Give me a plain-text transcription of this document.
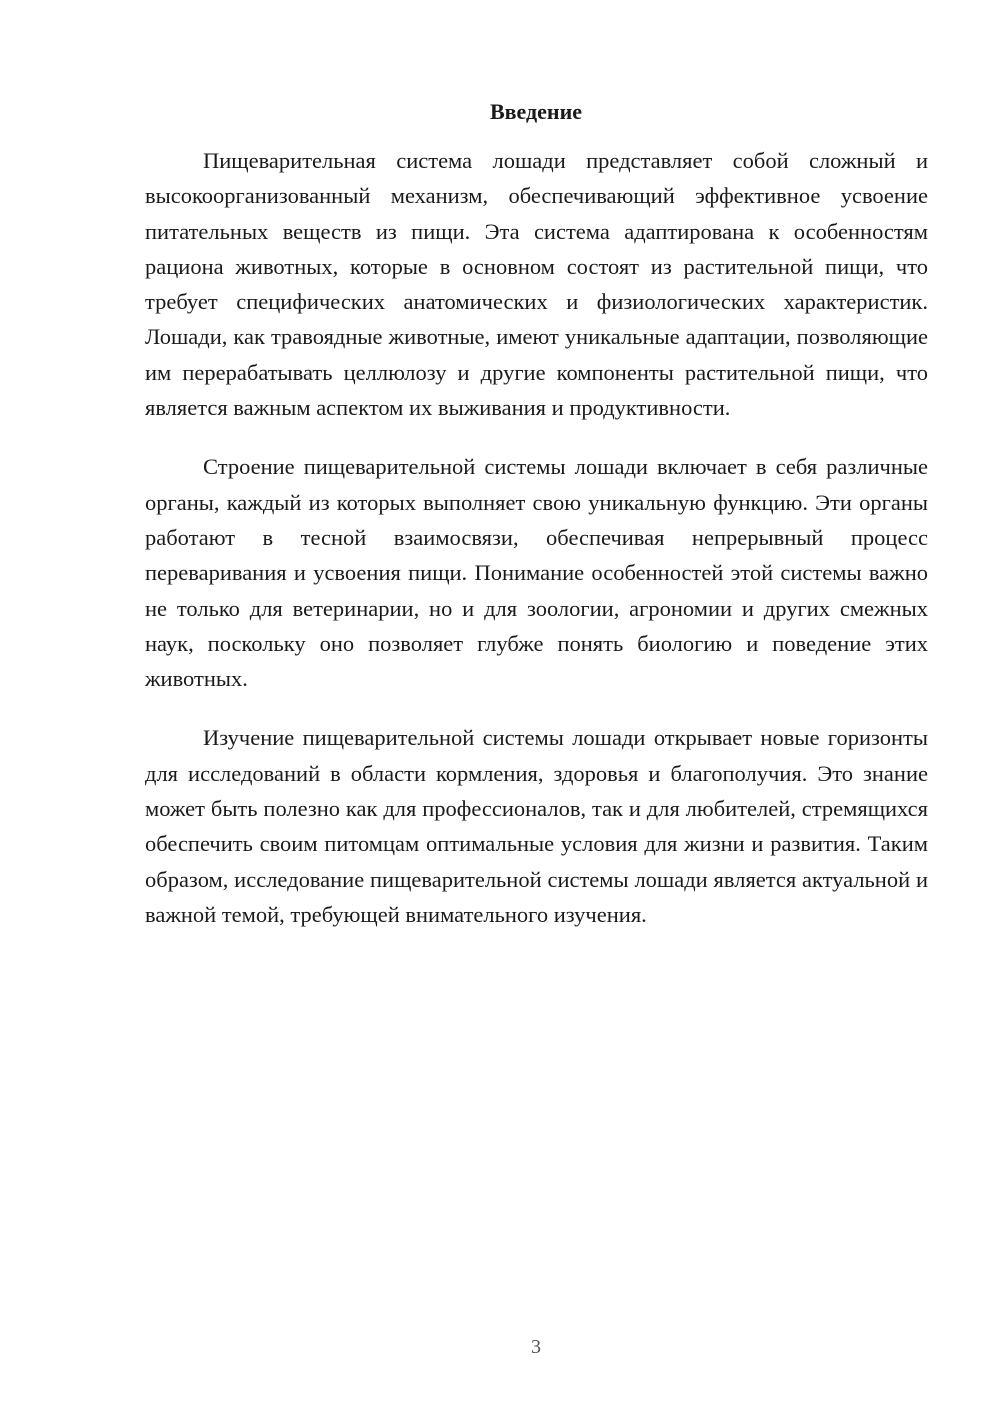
Введение

Пищеварительная система лошади представляет собой сложный и высокоорганизованный механизм, обеспечивающий эффективное усвоение питательных веществ из пищи. Эта система адаптирована к особенностям рациона животных, которые в основном состоят из растительной пищи, что требует специфических анатомических и физиологических характеристик. Лошади, как травоядные животные, имеют уникальные адаптации, позволяющие им перерабатывать целлюлозу и другие компоненты растительной пищи, что является важным аспектом их выживания и продуктивности.

Строение пищеварительной системы лошади включает в себя различные органы, каждый из которых выполняет свою уникальную функцию. Эти органы работают в тесной взаимосвязи, обеспечивая непрерывный процесс переваривания и усвоения пищи. Понимание особенностей этой системы важно не только для ветеринарии, но и для зоологии, агрономии и других смежных наук, поскольку оно позволяет глубже понять биологию и поведение этих животных.

Изучение пищеварительной системы лошади открывает новые горизонты для исследований в области кормления, здоровья и благополучия. Это знание может быть полезно как для профессионалов, так и для любителей, стремящихся обеспечить своим питомцам оптимальные условия для жизни и развития. Таким образом, исследование пищеварительной системы лошади является актуальной и важной темой, требующей внимательного изучения.

3
